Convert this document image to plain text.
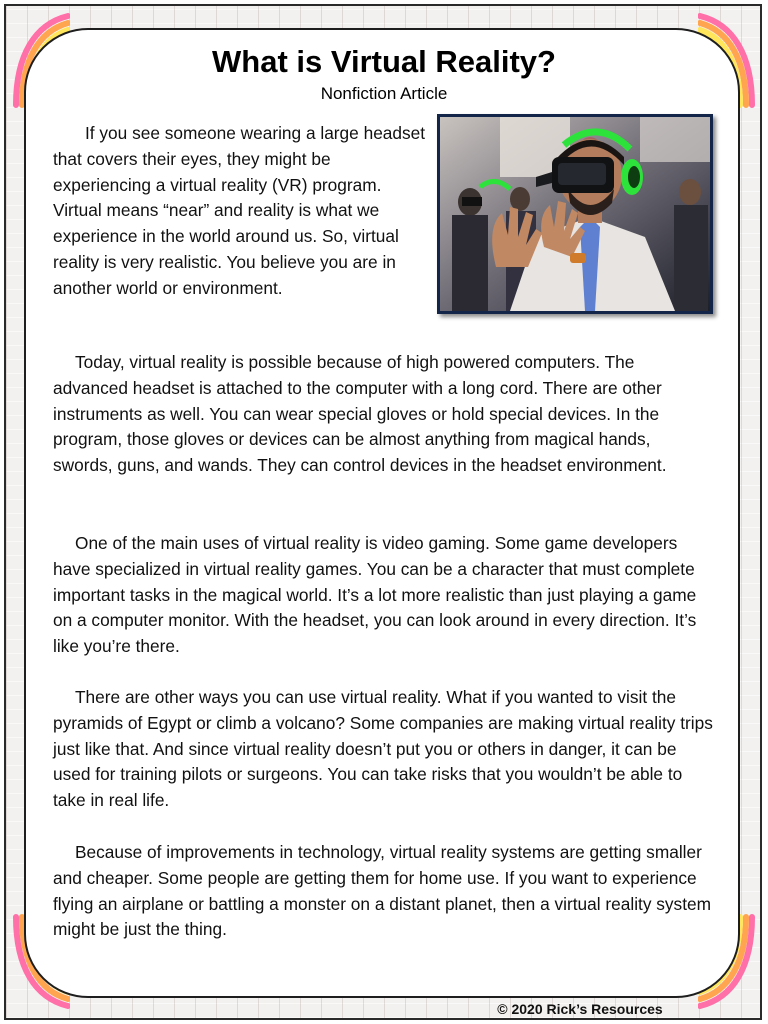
What is Virtual Reality?
Nonfiction Article

If you see someone wearing a large headset that covers their eyes, they might be experiencing a virtual reality (VR) program. Virtual means “near” and reality is what we experience in the world around us. So, virtual reality is very realistic. You believe you are in another world or environment.

Today, virtual reality is possible because of high powered computers. The advanced headset is attached to the computer with a long cord. There are other instruments as well. You can wear special gloves or hold special devices. In the program, those gloves or devices can be almost anything from magical hands, swords, guns, and wands. They can control devices in the headset environment.

One of the main uses of virtual reality is video gaming. Some game developers have specialized in virtual reality games. You can be a character that must complete important tasks in the magical world. It’s a lot more realistic than just playing a game on a computer monitor. With the headset, you can look around in every direction. It’s like you’re there.

There are other ways you can use virtual reality. What if you wanted to visit the pyramids of Egypt or climb a volcano? Some companies are making virtual reality trips just like that. And since virtual reality doesn’t put you or others in danger, it can be used for training pilots or surgeons. You can take risks that you wouldn’t be able to take in real life.

Because of improvements in technology, virtual reality systems are getting smaller and cheaper. Some people are getting them for home use. If you want to experience flying an airplane or battling a monster on a distant planet, then a virtual reality system might be just the thing.

© 2020 Rick’s Resources
